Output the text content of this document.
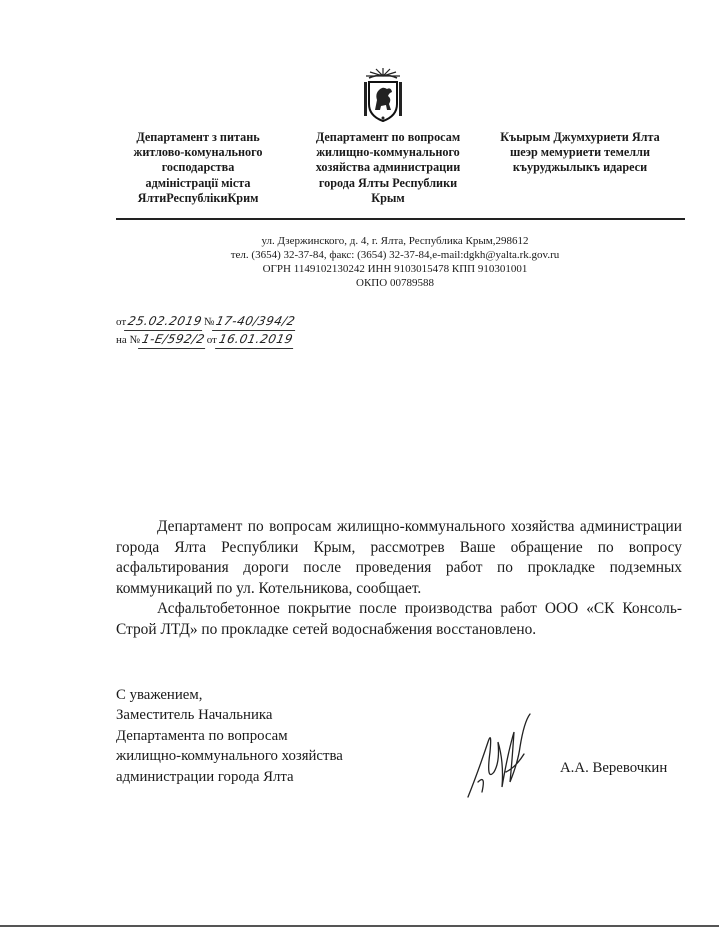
Департамент з питань
житлово-комунального
господарства
адміністрації міста
ЯлтиРеспублікиКрим
Департамент по вопросам
жилищно-коммунального
хозяйства администрации
города Ялты Республики
Крым
Къырым Джумхуриети Ялта
шеэр мемуриети темелли
къуруджылыкъ идареси
ул. Дзержинского, д. 4, г. Ялта, Республика Крым,298612
тел. (3654) 32-37-84, факс: (3654) 32-37-84,e-mail:dgkh@yalta.rk.gov.ru
ОГРН 1149102130242 ИНН 9103015478 КПП 910301001
ОКПО 00789588
от25.02.2019№17-40/394/2
на №1-Е/592/2от16.01.2019

Департамент по вопросам жилищно-коммунального хозяйства администрации города Ялта Республики Крым, рассмотрев Ваше обращение по вопросу асфальтирования дороги после проведения работ по прокладке подземных коммуникаций по ул. Котельникова, сообщает.

Асфальтобетонное покрытие после производства работ ООО «СК Консоль-Строй ЛТД» по прокладке сетей водоснабжения восстановлено.

С уважением,
Заместитель Начальника
Департамента по вопросам
жилищно-коммунального хозяйства
администрации города Ялта
А.А. Веревочкин
